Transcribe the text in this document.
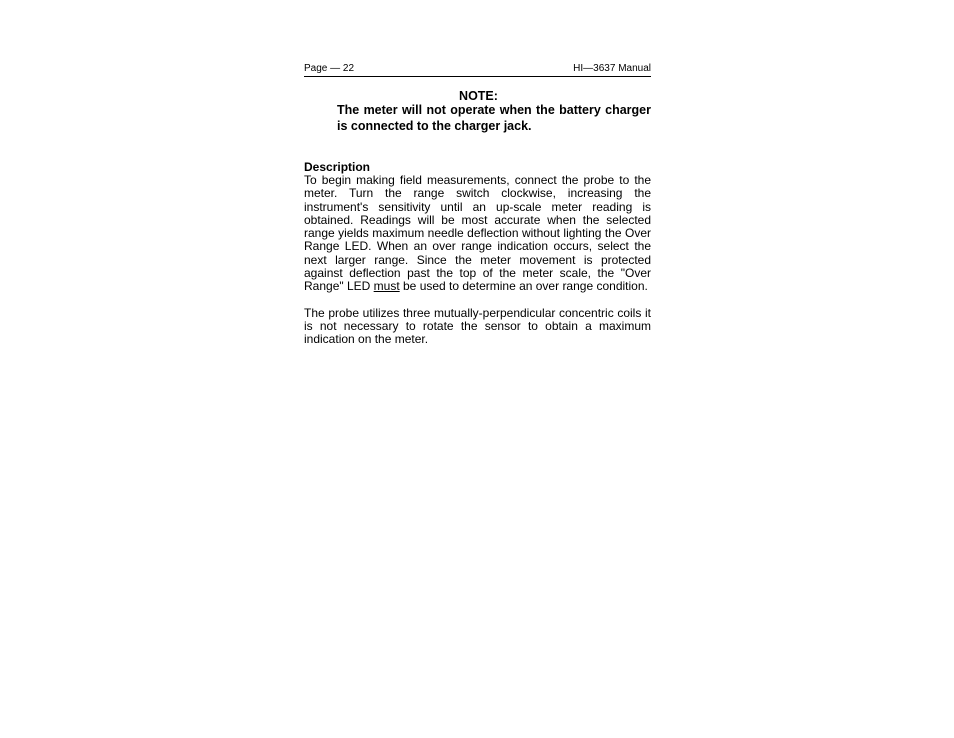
Page — 22	HI—3637 Manual
NOTE:
The meter will not operate when the battery charger is connected to the charger jack.
Description
To begin making field measurements, connect the probe to the meter. Turn the range switch clockwise, increasing the instrument's sensitivity until an up-scale meter reading is obtained. Readings will be most accurate when the selected range yields maximum needle deflection without lighting the Over Range LED. When an over range indication occurs, select the next larger range. Since the meter movement is protected against deflection past the top of the meter scale, the "Over Range" LED must be used to determine an over range condition.
The probe utilizes three mutually-perpendicular concentric coils it is not necessary to rotate the sensor to obtain a maximum indication on the meter.
